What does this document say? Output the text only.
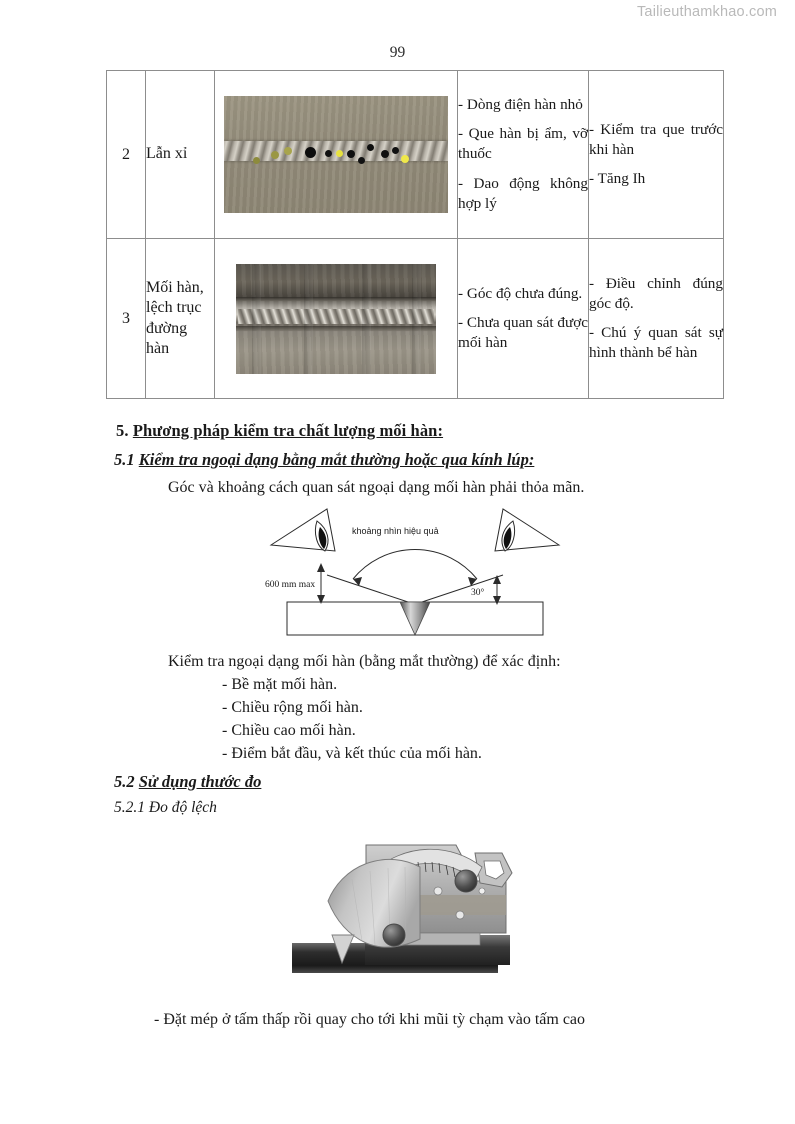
Tailieuthamkhao.com
99
2	Lẫn xỉ	

- Dòng điện hàn nhỏ
- Que hàn bị ẩm, vỡ thuốc
- Dao động không hợp lý

- Kiểm tra que trước khi hàn
- Tăng Ih

3	Mối hàn, lệch trục đường hàn	

- Góc độ chưa đúng.
- Chưa quan sát được mối hàn

- Điều chỉnh đúng góc độ.
- Chú ý quan sát sự hình thành bể hàn
5. Phương pháp kiểm tra chất lượng mối hàn:
5.1 Kiểm tra ngoại dạng bằng mắt thường hoặc qua kính lúp:
Góc và khoảng cách quan sát ngoại dạng mối hàn phải thỏa mãn.
khoảng nhìn hiệu quả
600 mm max
30°
Kiểm tra ngoại dạng mối hàn (bằng mắt thường) để xác định:
- Bề mặt mối hàn.
- Chiều rộng mối hàn.
- Chiều cao mối hàn.
- Điểm bắt đầu, và kết thúc của mối hàn.
5.2 Sử dụng thước đo
5.2.1 Đo độ lệch
- Đặt mép ở tấm thấp rồi quay cho tới khi mũi tỳ chạm vào tấm cao
